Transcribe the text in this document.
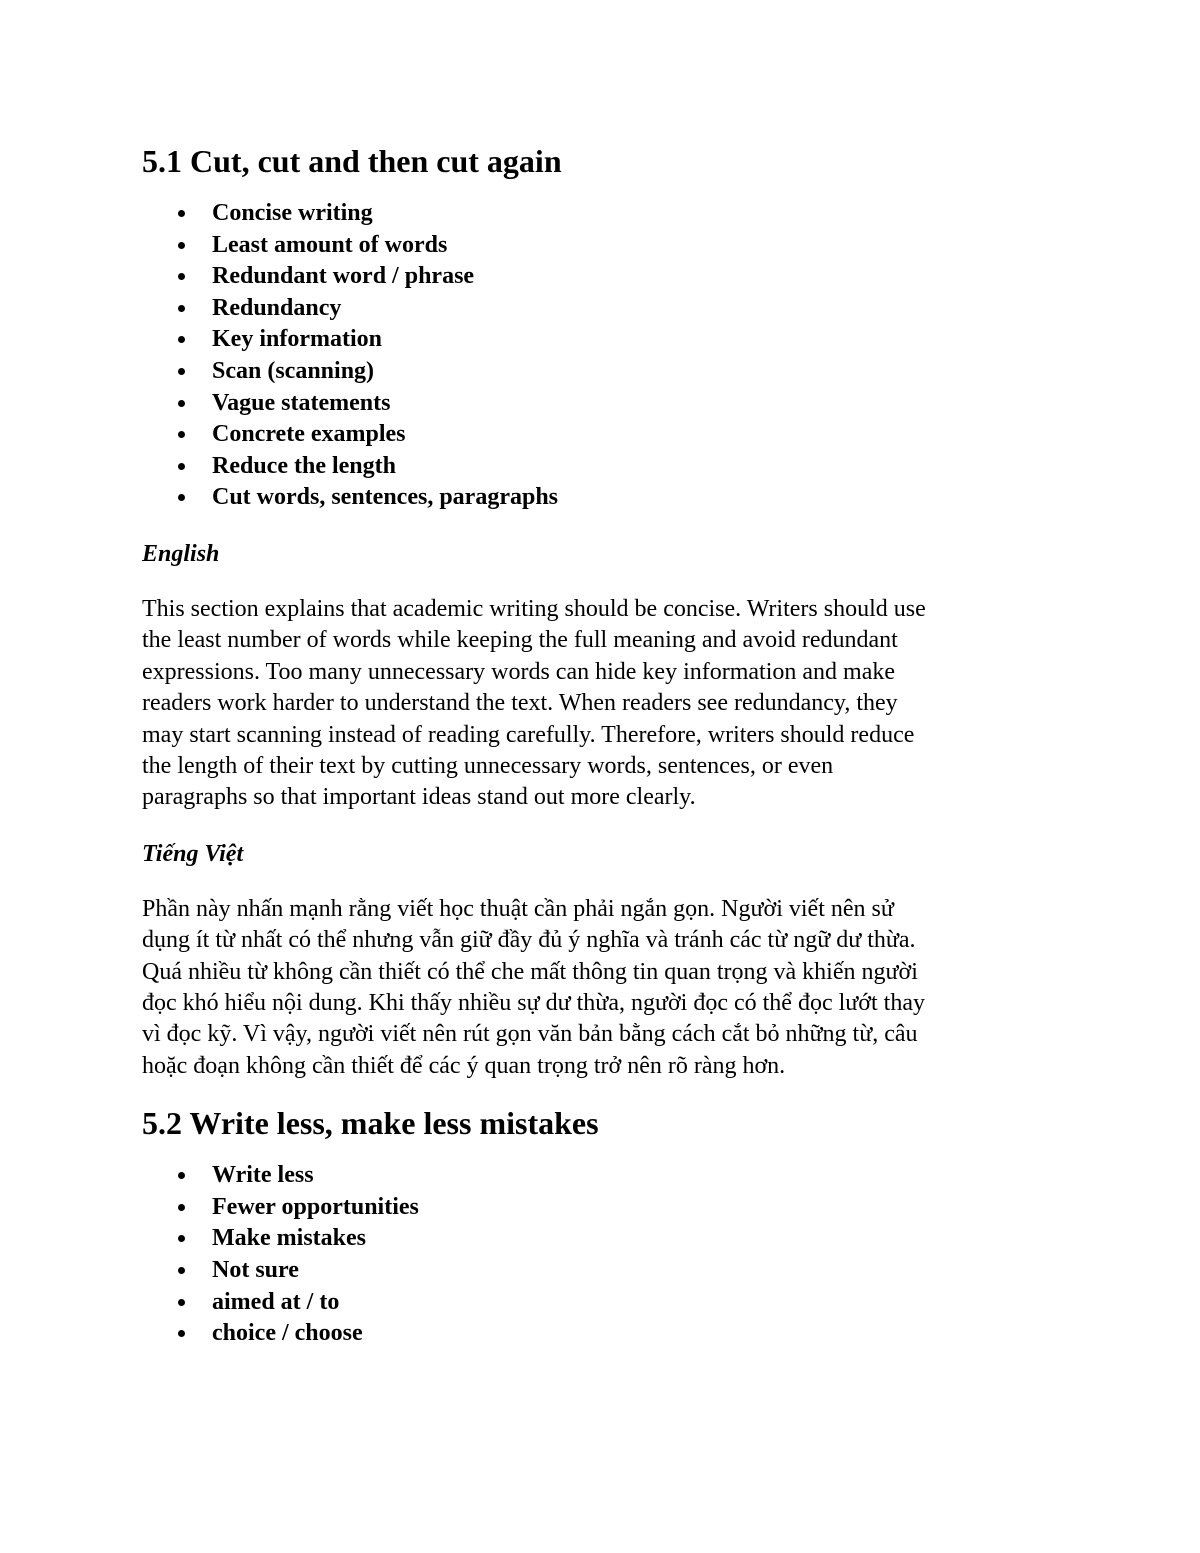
5.1 Cut, cut and then cut again
Concise writing
Least amount of words
Redundant word / phrase
Redundancy
Key information
Scan (scanning)
Vague statements
Concrete examples
Reduce the length
Cut words, sentences, paragraphs

English

This section explains that academic writing should be concise. Writers should use
the least number of words while keeping the full meaning and avoid redundant
expressions. Too many unnecessary words can hide key information and make
readers work harder to understand the text. When readers see redundancy, they
may start scanning instead of reading carefully. Therefore, writers should reduce
the length of their text by cutting unnecessary words, sentences, or even
paragraphs so that important ideas stand out more clearly.

Tiếng Việt

Phần này nhấn mạnh rằng viết học thuật cần phải ngắn gọn. Người viết nên sử
dụng ít từ nhất có thể nhưng vẫn giữ đầy đủ ý nghĩa và tránh các từ ngữ dư thừa.
Quá nhiều từ không cần thiết có thể che mất thông tin quan trọng và khiến người
đọc khó hiểu nội dung. Khi thấy nhiều sự dư thừa, người đọc có thể đọc lướt thay
vì đọc kỹ. Vì vậy, người viết nên rút gọn văn bản bằng cách cắt bỏ những từ, câu
hoặc đoạn không cần thiết để các ý quan trọng trở nên rõ ràng hơn.

5.2 Write less, make less mistakes
Write less
Fewer opportunities
Make mistakes
Not sure
aimed at / to
choice / choose
